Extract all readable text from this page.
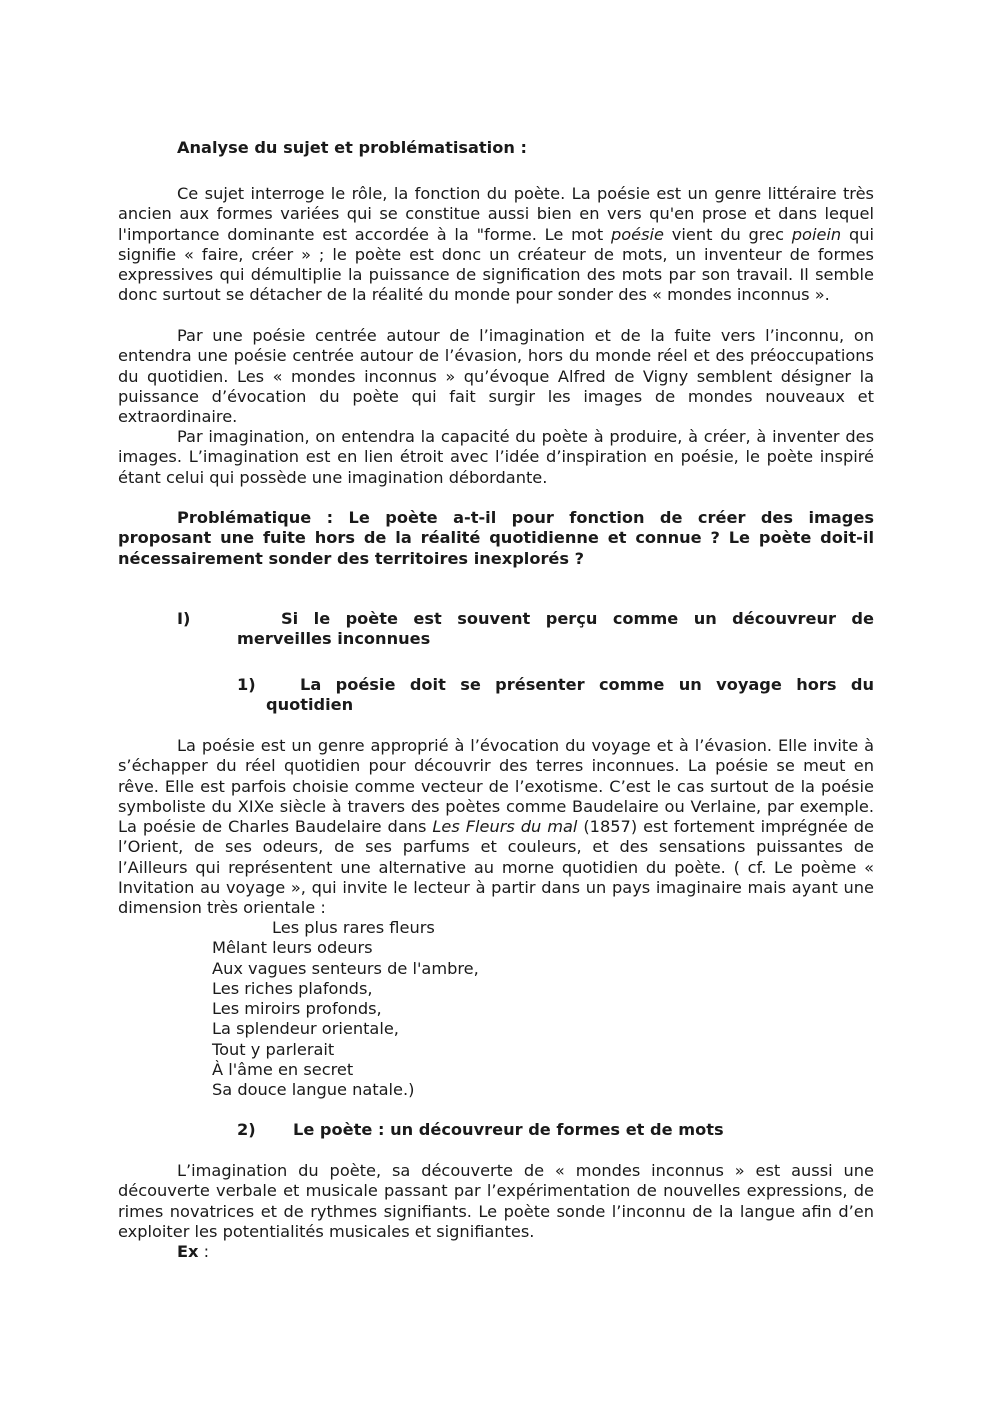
Analyse du sujet et problématisation :

Ce sujet interroge le rôle, la fonction du poète. La poésie est un genre littéraire très ancien aux formes variées qui se constitue aussi bien en vers qu'en prose et dans lequel l'importance dominante est accordée à la "forme. Le mot poésie vient du grec poiein qui signifie « faire, créer » ; le poète est donc un créateur de mots, un inventeur de formes expressives qui démultiplie la puissance de signification des mots par son travail. Il semble donc surtout se détacher de la réalité du monde pour sonder des « mondes inconnus ».

Par une poésie centrée autour de l’imagination et de la fuite vers l’inconnu, on entendra une poésie centrée autour de l’évasion, hors du monde réel et des préoccupations du quotidien. Les « mondes inconnus » qu’évoque Alfred de Vigny semblent désigner la puissance d’évocation du poète qui fait surgir les images de mondes nouveaux et extraordinaire.

Par imagination, on entendra la capacité du poète à produire, à créer, à inventer des images. L’imagination est en lien étroit avec l’idée d’inspiration en poésie, le poète inspiré étant celui qui possède une imagination débordante.

Problématique : Le poète a-t-il pour fonction de créer des images proposant une fuite hors de la réalité quotidienne et connue ? Le poète doit-il nécessairement sonder des territoires inexplorés ?

I)	Si le poète est souvent perçu comme un découvreur de merveilles inconnues
1)	La poésie doit se présenter comme un voyage hors du quotidien

La poésie est un genre approprié à l’évocation du voyage et à l’évasion. Elle invite à s’échapper du réel quotidien pour découvrir des terres inconnues. La poésie se meut en rêve. Elle est parfois choisie comme vecteur de l’exotisme. C’est le cas surtout de la poésie symboliste du XIXe siècle à travers des poètes comme Baudelaire ou Verlaine, par exemple. La poésie de Charles Baudelaire dans Les Fleurs du mal (1857) est fortement imprégnée de l’Orient, de ses odeurs, de ses parfums et couleurs, et des sensations puissantes de l’Ailleurs qui représentent une alternative au morne quotidien du poète. ( cf. Le poème « Invitation au voyage », qui invite le lecteur à partir dans un pays imaginaire mais ayant une dimension très orientale :

Les plus rares fleurs
Mêlant leurs odeurs
Aux vagues senteurs de l'ambre,
Les riches plafonds,
Les miroirs profonds,
La splendeur orientale,
Tout y parlerait
À l'âme en secret
Sa douce langue natale.)
2) Le poète : un découvreur de formes et de mots

L’imagination du poète, sa découverte de « mondes inconnus » est aussi une découverte verbale et musicale passant par l’expérimentation de nouvelles expressions, de rimes novatrices et de rythmes signifiants. Le poète sonde l’inconnu de la langue afin d’en exploiter les potentialités musicales et signifiantes.

Ex :
